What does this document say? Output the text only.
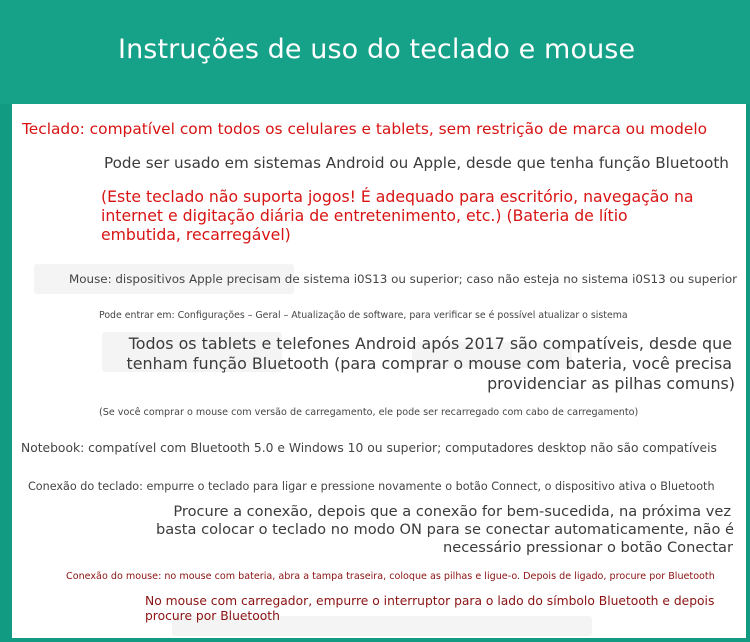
Instruções de uso do teclado e mouse
Teclado: compatível com todos os celulares e tablets, sem restrição de marca ou modelo
Pode ser usado em sistemas Android ou Apple, desde que tenha função Bluetooth
(Este teclado não suporta jogos! É adequado para escritório, navegação na
internet e digitação diária de entretenimento, etc.) (Bateria de lítio
embutida, recarregável)
Mouse: dispositivos Apple precisam de sistema i0S13 ou superior; caso não esteja no sistema i0S13 ou superior
Pode entrar em: Configurações – Geral – Atualização de software, para verificar se é possível atualizar o sistema
Todos os tablets e telefones Android após 2017 são compatíveis, desde que
tenham função Bluetooth (para comprar o mouse com bateria, você precisa
providenciar as pilhas comuns)
(Se você comprar o mouse com versão de carregamento, ele pode ser recarregado com cabo de carregamento)
Notebook: compatível com Bluetooth 5.0 e Windows 10 ou superior; computadores desktop não são compatíveis
Conexão do teclado: empurre o teclado para ligar e pressione novamente o botão Connect, o dispositivo ativa o Bluetooth
Procure a conexão, depois que a conexão for bem-sucedida, na próxima vez
basta colocar o teclado no modo ON para se conectar automaticamente, não é
necessário pressionar o botão Conectar
Conexão do mouse: no mouse com bateria, abra a tampa traseira, coloque as pilhas e ligue-o. Depois de ligado, procure por Bluetooth
No mouse com carregador, empurre o interruptor para o lado do símbolo Bluetooth e depois
procure por Bluetooth
